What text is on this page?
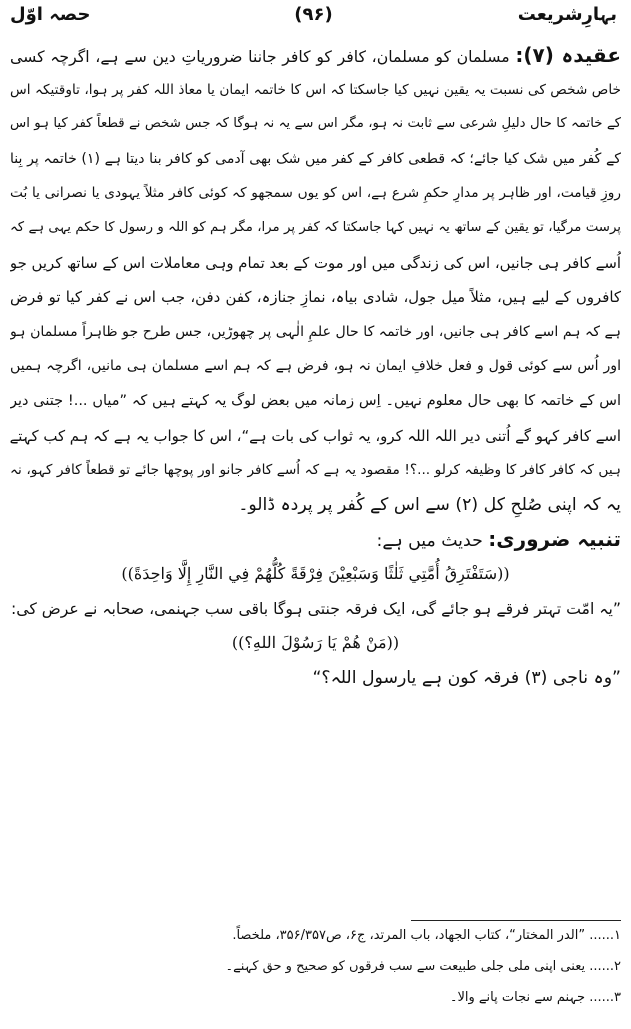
بہارِشریعت
(۹۶)
حصہ اوّل
عقیدہ (۷): مسلمان کو مسلمان، کافر کو کافر جاننا ضروریاتِ دین سے ہے، اگرچہ کسی
خاص شخص کی نسبت یہ یقین نہیں کیا جاسکتا کہ اس کا خاتمہ ایمان یا معاذ اللہ کفر پر ہوا، تاوقتیکہ اس
کے خاتمہ کا حال دلیلِ شرعی سے ثابت نہ ہو، مگر اس سے یہ نہ ہوگا کہ جس شخص نے قطعاً کفر کیا ہو اس
کے کُفر میں شک کیا جائے؛ کہ قطعی کافر کے کفر میں شک بھی آدمی کو کافر بنا دیتا ہے (۱) خاتمہ پر بِنا
روزِ قیامت، اور ظاہر پر مدارِ حکمِ شرع ہے، اس کو یوں سمجھو کہ کوئی کافر مثلاً یہودی یا نصرانی یا بُت
پرست مرگیا، تو یقین کے ساتھ یہ نہیں کہا جاسکتا کہ کفر پر مرا، مگر ہم کو اللہ و رسول کا حکم یہی ہے کہ
اُسے کافر ہی جانیں، اس کی زندگی میں اور موت کے بعد تمام وہی معاملات اس کے ساتھ کریں جو
کافروں کے لیے ہیں، مثلاً میل جول، شادی بیاہ، نمازِ جنازہ، کفن دفن، جب اس نے کفر کیا تو فرض
ہے کہ ہم اسے کافر ہی جانیں، اور خاتمہ کا حال علمِ الٰہی پر چھوڑیں، جس طرح جو ظاہراً مسلمان ہو
اور اُس سے کوئی قول و فعل خلافِ ایمان نہ ہو، فرض ہے کہ ہم اسے مسلمان ہی مانیں، اگرچہ ہمیں
اس کے خاتمہ کا بھی حال معلوم نہیں۔ اِس زمانہ میں بعض لوگ یہ کہتے ہیں کہ ”میاں ...! جتنی دیر
اسے کافر کہو گے اُتنی دیر اللہ اللہ کرو، یہ ثواب کی بات ہے“، اس کا جواب یہ ہے کہ ہم کب کہتے
ہیں کہ کافر کافر کا وظیفہ کرلو ...؟! مقصود یہ ہے کہ اُسے کافر جانو اور پوچھا جائے تو قطعاً کافر کہو، نہ
یہ کہ اپنی صُلحِ کل (۲) سے اس کے کُفر پر پردہ ڈالو۔
تنبیہ ضروری: حدیث میں ہے:
((سَتَفْتَرِقُ أُمَّتِي ثَلٰثًا وَسَبْعِيْنَ فِرْقَةً كُلُّهُمْ فِي النَّارِ إِلَّا وَاحِدَةً))
”یہ امّت تہتر فرقے ہو جائے گی، ایک فرقہ جنتی ہوگا باقی سب جہنمی، صحابہ نے عرض کی:
((مَنْ هُمْ يَا رَسُوْلَ اللهِ؟))
”وہ ناجی (۳) فرقہ کون ہے یارسول اللہ؟“
۱...... ”الدر المختار“، کتاب الجھاد، باب المرتد، ج۶، ص۳۵۶/۳۵۷، ملخصاً.
۲...... یعنی اپنی ملی جلی طبیعت سے سب فرقوں کو صحیح و حق کہنے۔
۳...... جہنم سے نجات پانے والا۔
